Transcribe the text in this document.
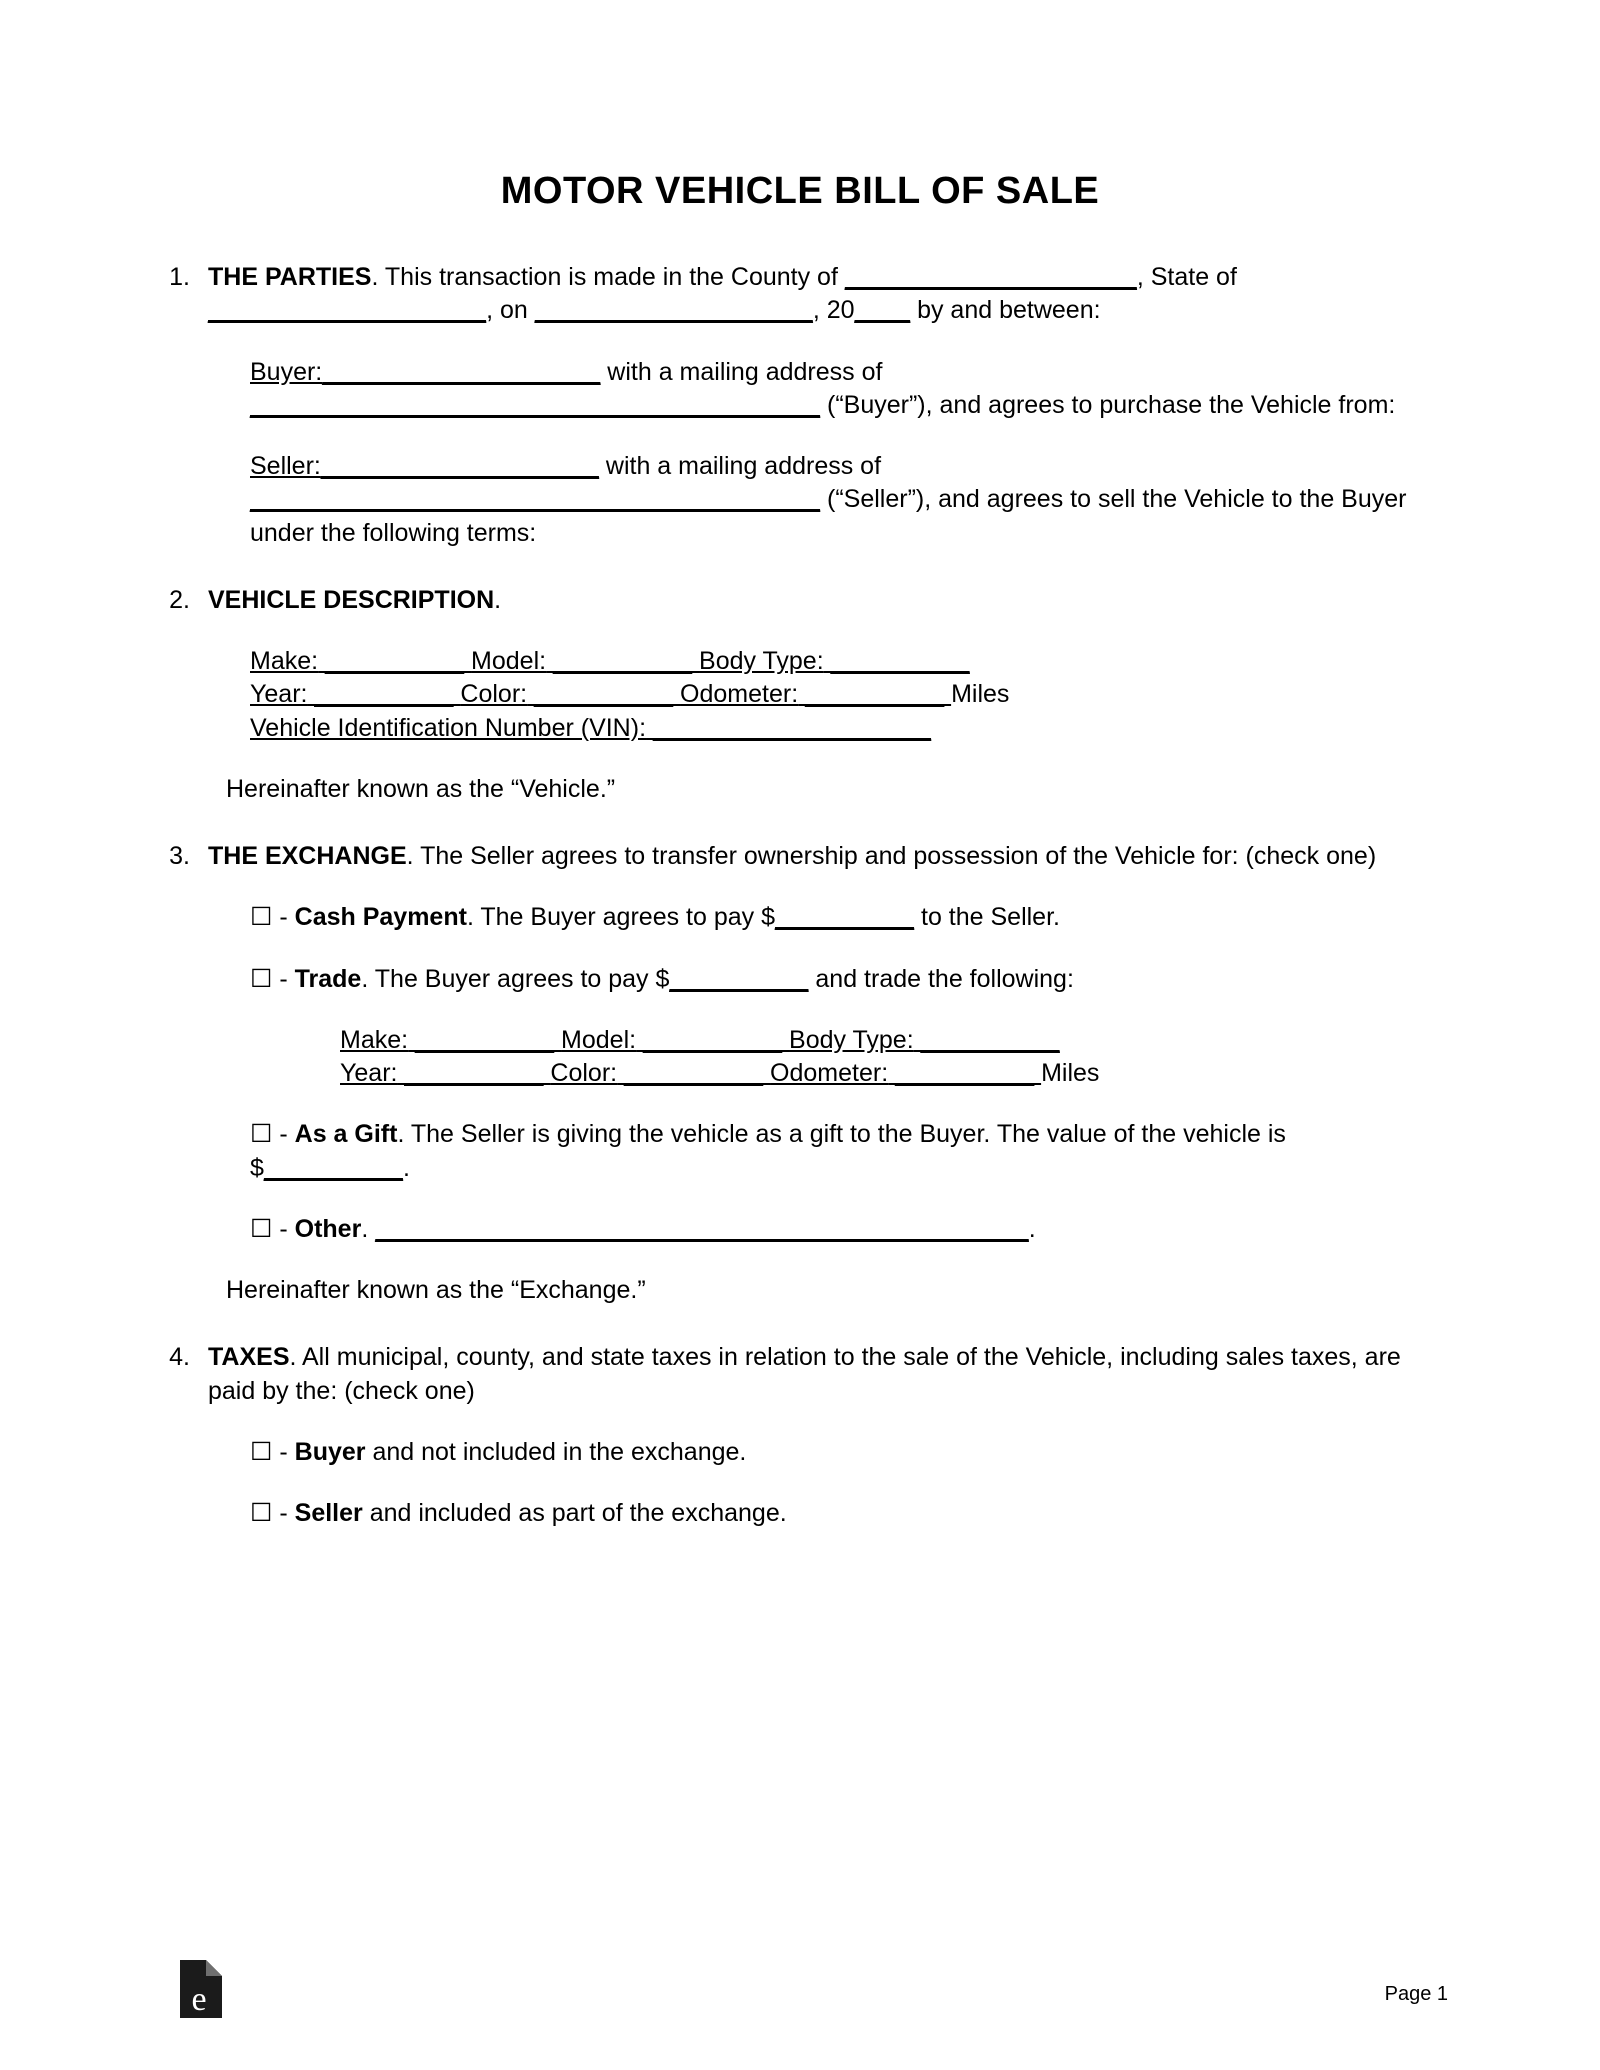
MOTOR VEHICLE BILL OF SALE
1. THE PARTIES. This transaction is made in the County of _____________________, State of ____________________, on ____________________, 20____ by and between:
Buyer:____________________ with a mailing address of _________________________________________ (“Buyer”), and agrees to purchase the Vehicle from:
Seller:____________________ with a mailing address of _________________________________________ (“Seller”), and agrees to sell the Vehicle to the Buyer under the following terms:
2. VEHICLE DESCRIPTION.
Make: __________ Model: __________ Body Type: __________
Year: __________ Color: __________ Odometer: __________ Miles
Vehicle Identification Number (VIN): ____________________
Hereinafter known as the “Vehicle.”
3. THE EXCHANGE. The Seller agrees to transfer ownership and possession of the Vehicle for: (check one)
☐ - Cash Payment. The Buyer agrees to pay $__________ to the Seller.
☐ - Trade. The Buyer agrees to pay $__________ and trade the following:
Make: __________ Model: __________ Body Type: __________
Year: __________ Color: __________ Odometer: __________ Miles
☐ - As a Gift. The Seller is giving the vehicle as a gift to the Buyer. The value of the vehicle is $__________.
☐ - Other. _______________________________________________.
Hereinafter known as the “Exchange.”
4. TAXES. All municipal, county, and state taxes in relation to the sale of the Vehicle, including sales taxes, are paid by the: (check one)
☐ - Buyer and not included in the exchange.
☐ - Seller and included as part of the exchange.
e	Page 1
